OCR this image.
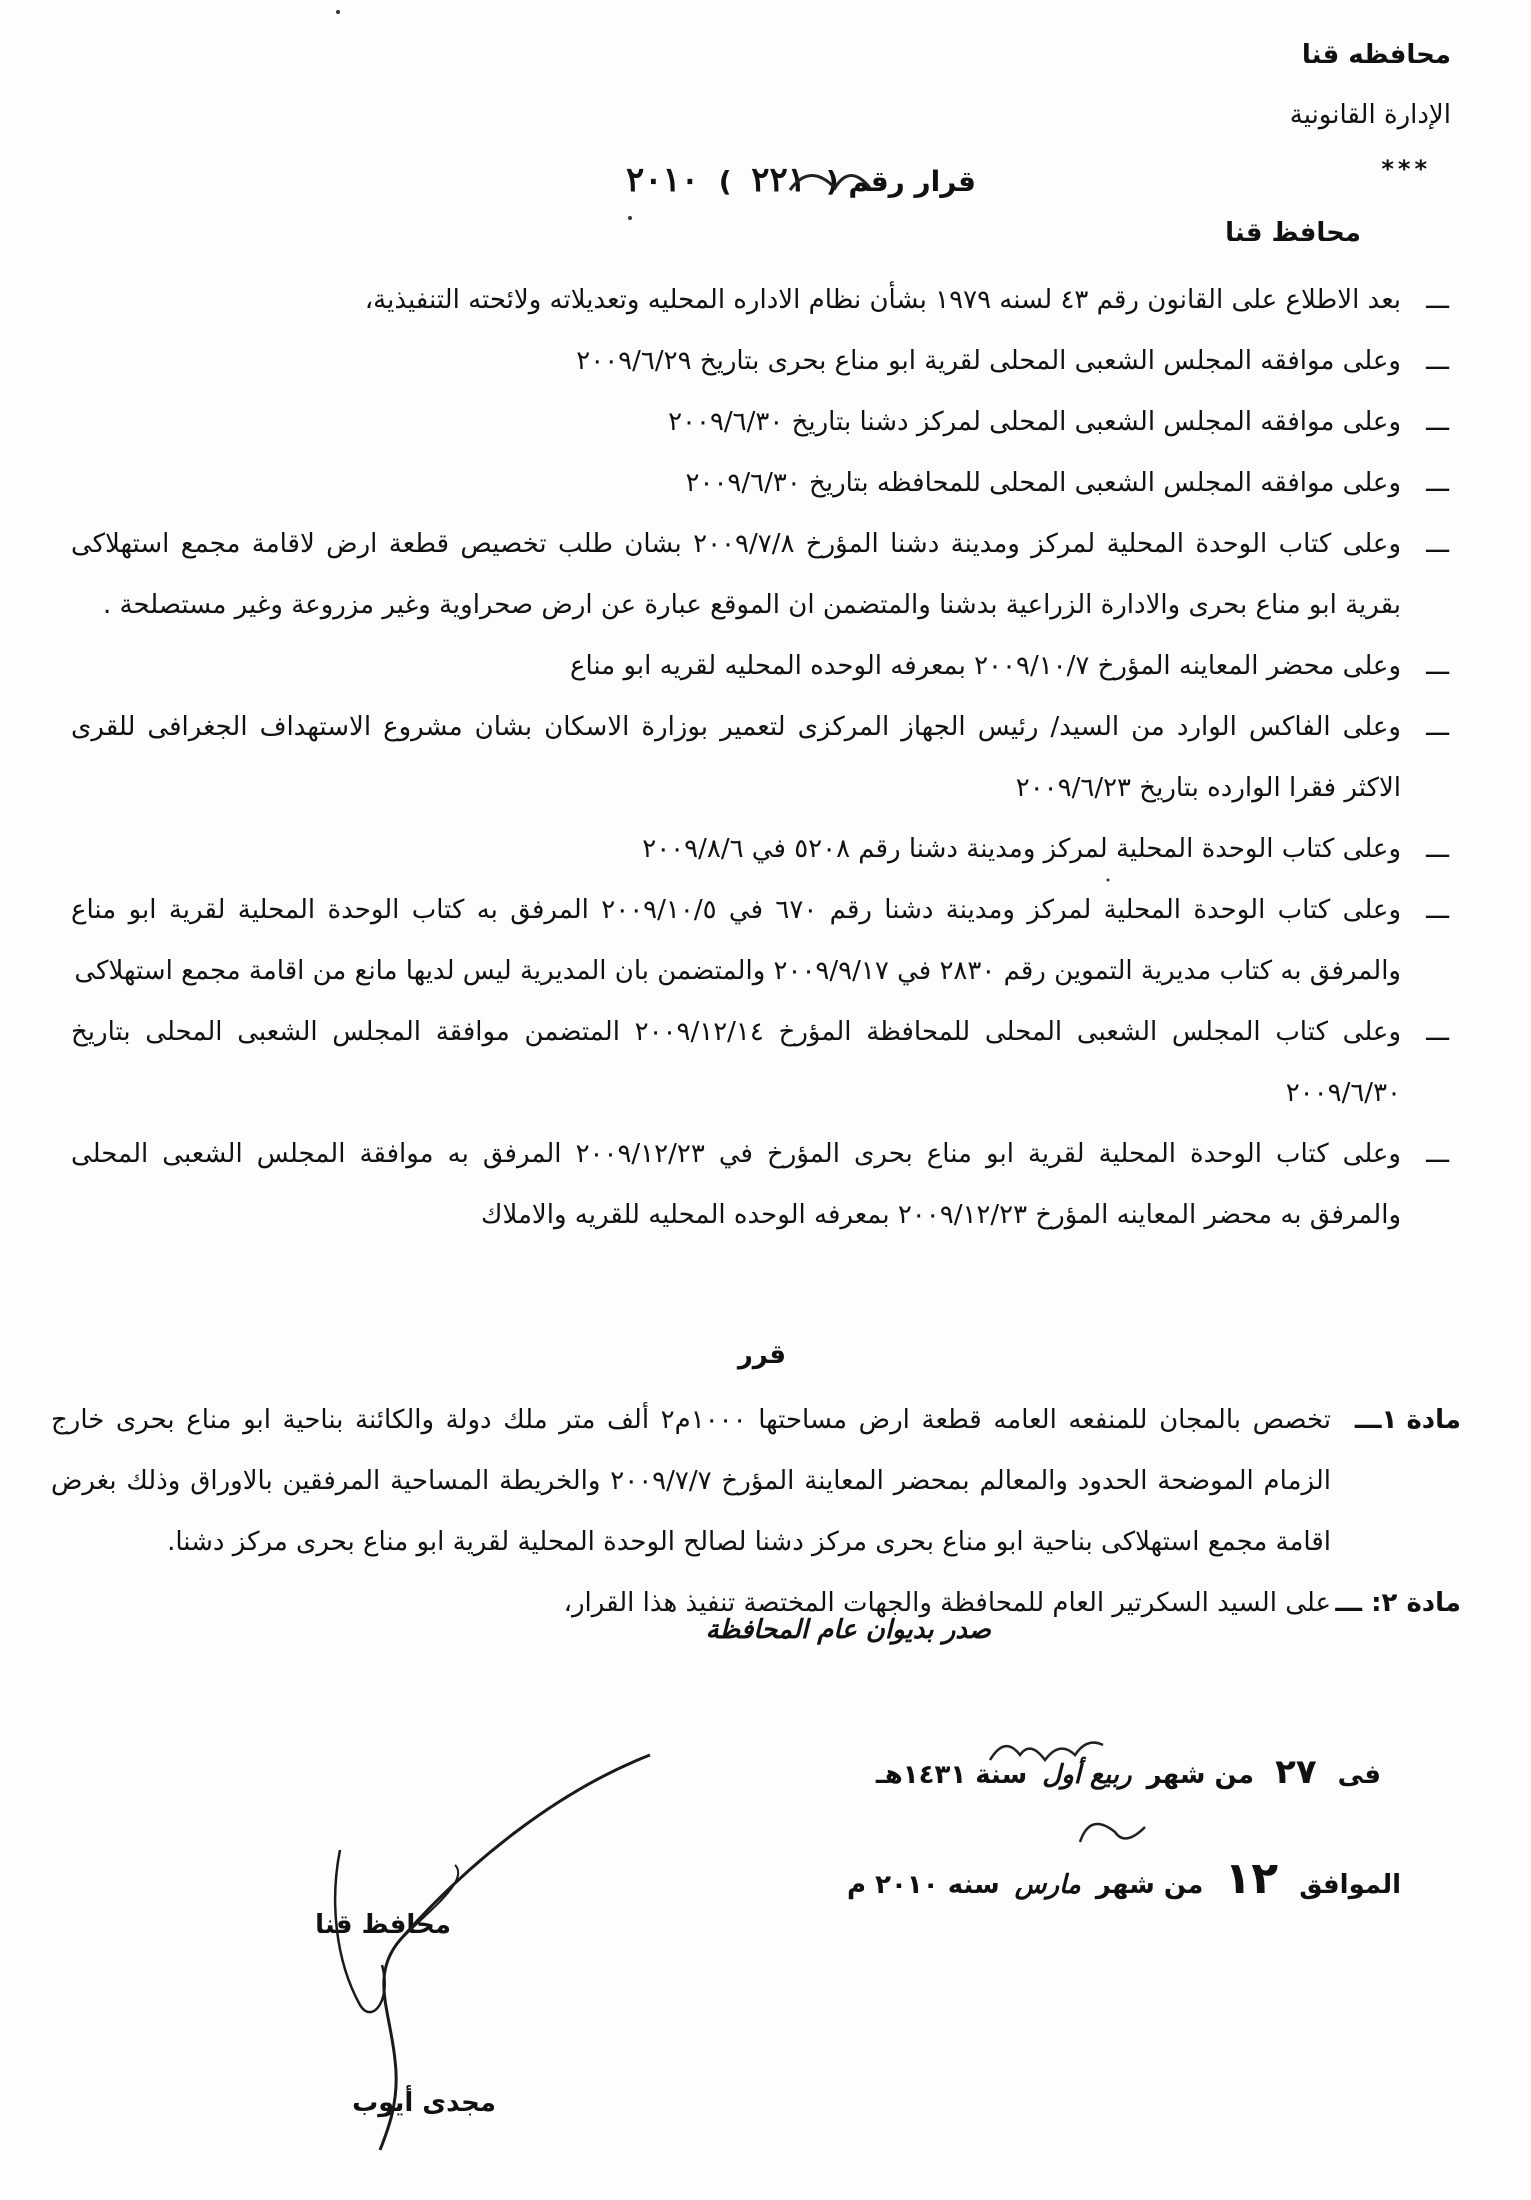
محافظه قنا
الإدارة القانونية
***
قرار رقم ( ٢٢١ ) ٢٠١٠
محافظ قنا
ـــ
بعد الاطلاع على القانون رقم ٤٣ لسنه ١٩٧٩ بشأن نظام الاداره المحليه وتعديلاته ولائحته التنفيذية،
ـــ
وعلى موافقه المجلس الشعبى المحلى لقرية ابو مناع بحرى بتاريخ ٢٠٠٩/٦/٢٩
ـــ
وعلى موافقه المجلس الشعبى المحلى لمركز دشنا بتاريخ ٢٠٠٩/٦/٣٠
ـــ
وعلى موافقه المجلس الشعبى المحلى للمحافظه بتاريخ ٢٠٠٩/٦/٣٠
ـــ
وعلى كتاب الوحدة المحلية لمركز ومدينة دشنا المؤرخ ٢٠٠٩/٧/٨ بشان طلب تخصيص قطعة ارض لاقامة مجمع استهلاكى بقرية ابو مناع بحرى والادارة الزراعية بدشنا والمتضمن ان الموقع عبارة عن ارض صحراوية وغير مزروعة وغير مستصلحة .
ـــ
وعلى محضر المعاينه المؤرخ ٢٠٠٩/١٠/٧ بمعرفه الوحده المحليه لقريه ابو مناع
ـــ
وعلى الفاكس الوارد من السيد/ رئيس الجهاز المركزى لتعمير بوزارة الاسكان بشان مشروع الاستهداف الجغرافى للقرى الاكثر فقرا الوارده بتاريخ ٢٠٠٩/٦/٢٣
ـــ
وعلى كتاب الوحدة المحلية لمركز ومدينة دشنا رقم ٥٢٠٨ في ٢٠٠٩/٨/٦
ـــ
وعلى كتاب الوحدة المحلية لمركز ومدينة دشنا رقم ٦٧٠ في ٢٠٠٩/١٠/٥ المرفق به كتاب الوحدة المحلية لقرية ابو مناع والمرفق به كتاب مديرية التموين رقم ٢٨٣٠ في ٢٠٠٩/٩/١٧ والمتضمن بان المديرية ليس لديها مانع من اقامة مجمع استهلاكى
ـــ
وعلى كتاب المجلس الشعبى المحلى للمحافظة المؤرخ ٢٠٠٩/١٢/١٤ المتضمن موافقة المجلس الشعبى المحلى بتاريخ ٢٠٠٩/٦/٣٠
ـــ
وعلى كتاب الوحدة المحلية لقرية ابو مناع بحرى المؤرخ في ٢٠٠٩/١٢/٢٣ المرفق به موافقة المجلس الشعبى المحلى والمرفق به محضر المعاينه المؤرخ ٢٠٠٩/١٢/٢٣ بمعرفه الوحده المحليه للقريه والاملاك
قرر
مادة ١ـــ
تخصص بالمجان للمنفعه العامه قطعة ارض مساحتها ١٠٠٠م٢ ألف متر ملك دولة والكائنة بناحية ابو مناع بحرى خارج الزمام الموضحة الحدود والمعالم بمحضر المعاينة المؤرخ ٢٠٠٩/٧/٧ والخريطة المساحية المرفقين بالاوراق وذلك بغرض اقامة مجمع استهلاكى بناحية ابو مناع بحرى مركز دشنا لصالح الوحدة المحلية لقرية ابو مناع بحرى مركز دشنا.
مادة ٢: ـــ
على السيد السكرتير العام للمحافظة والجهات المختصة تنفيذ هذا القرار،
صدر بديوان عام المحافظة
فى ٢٧ من شهر ربيع أول سنة ١٤٣١هـ
الموافق ١٢ من شهر مارس سنه ٢٠١٠ م
محافظ قنا
مجدى أيوب
